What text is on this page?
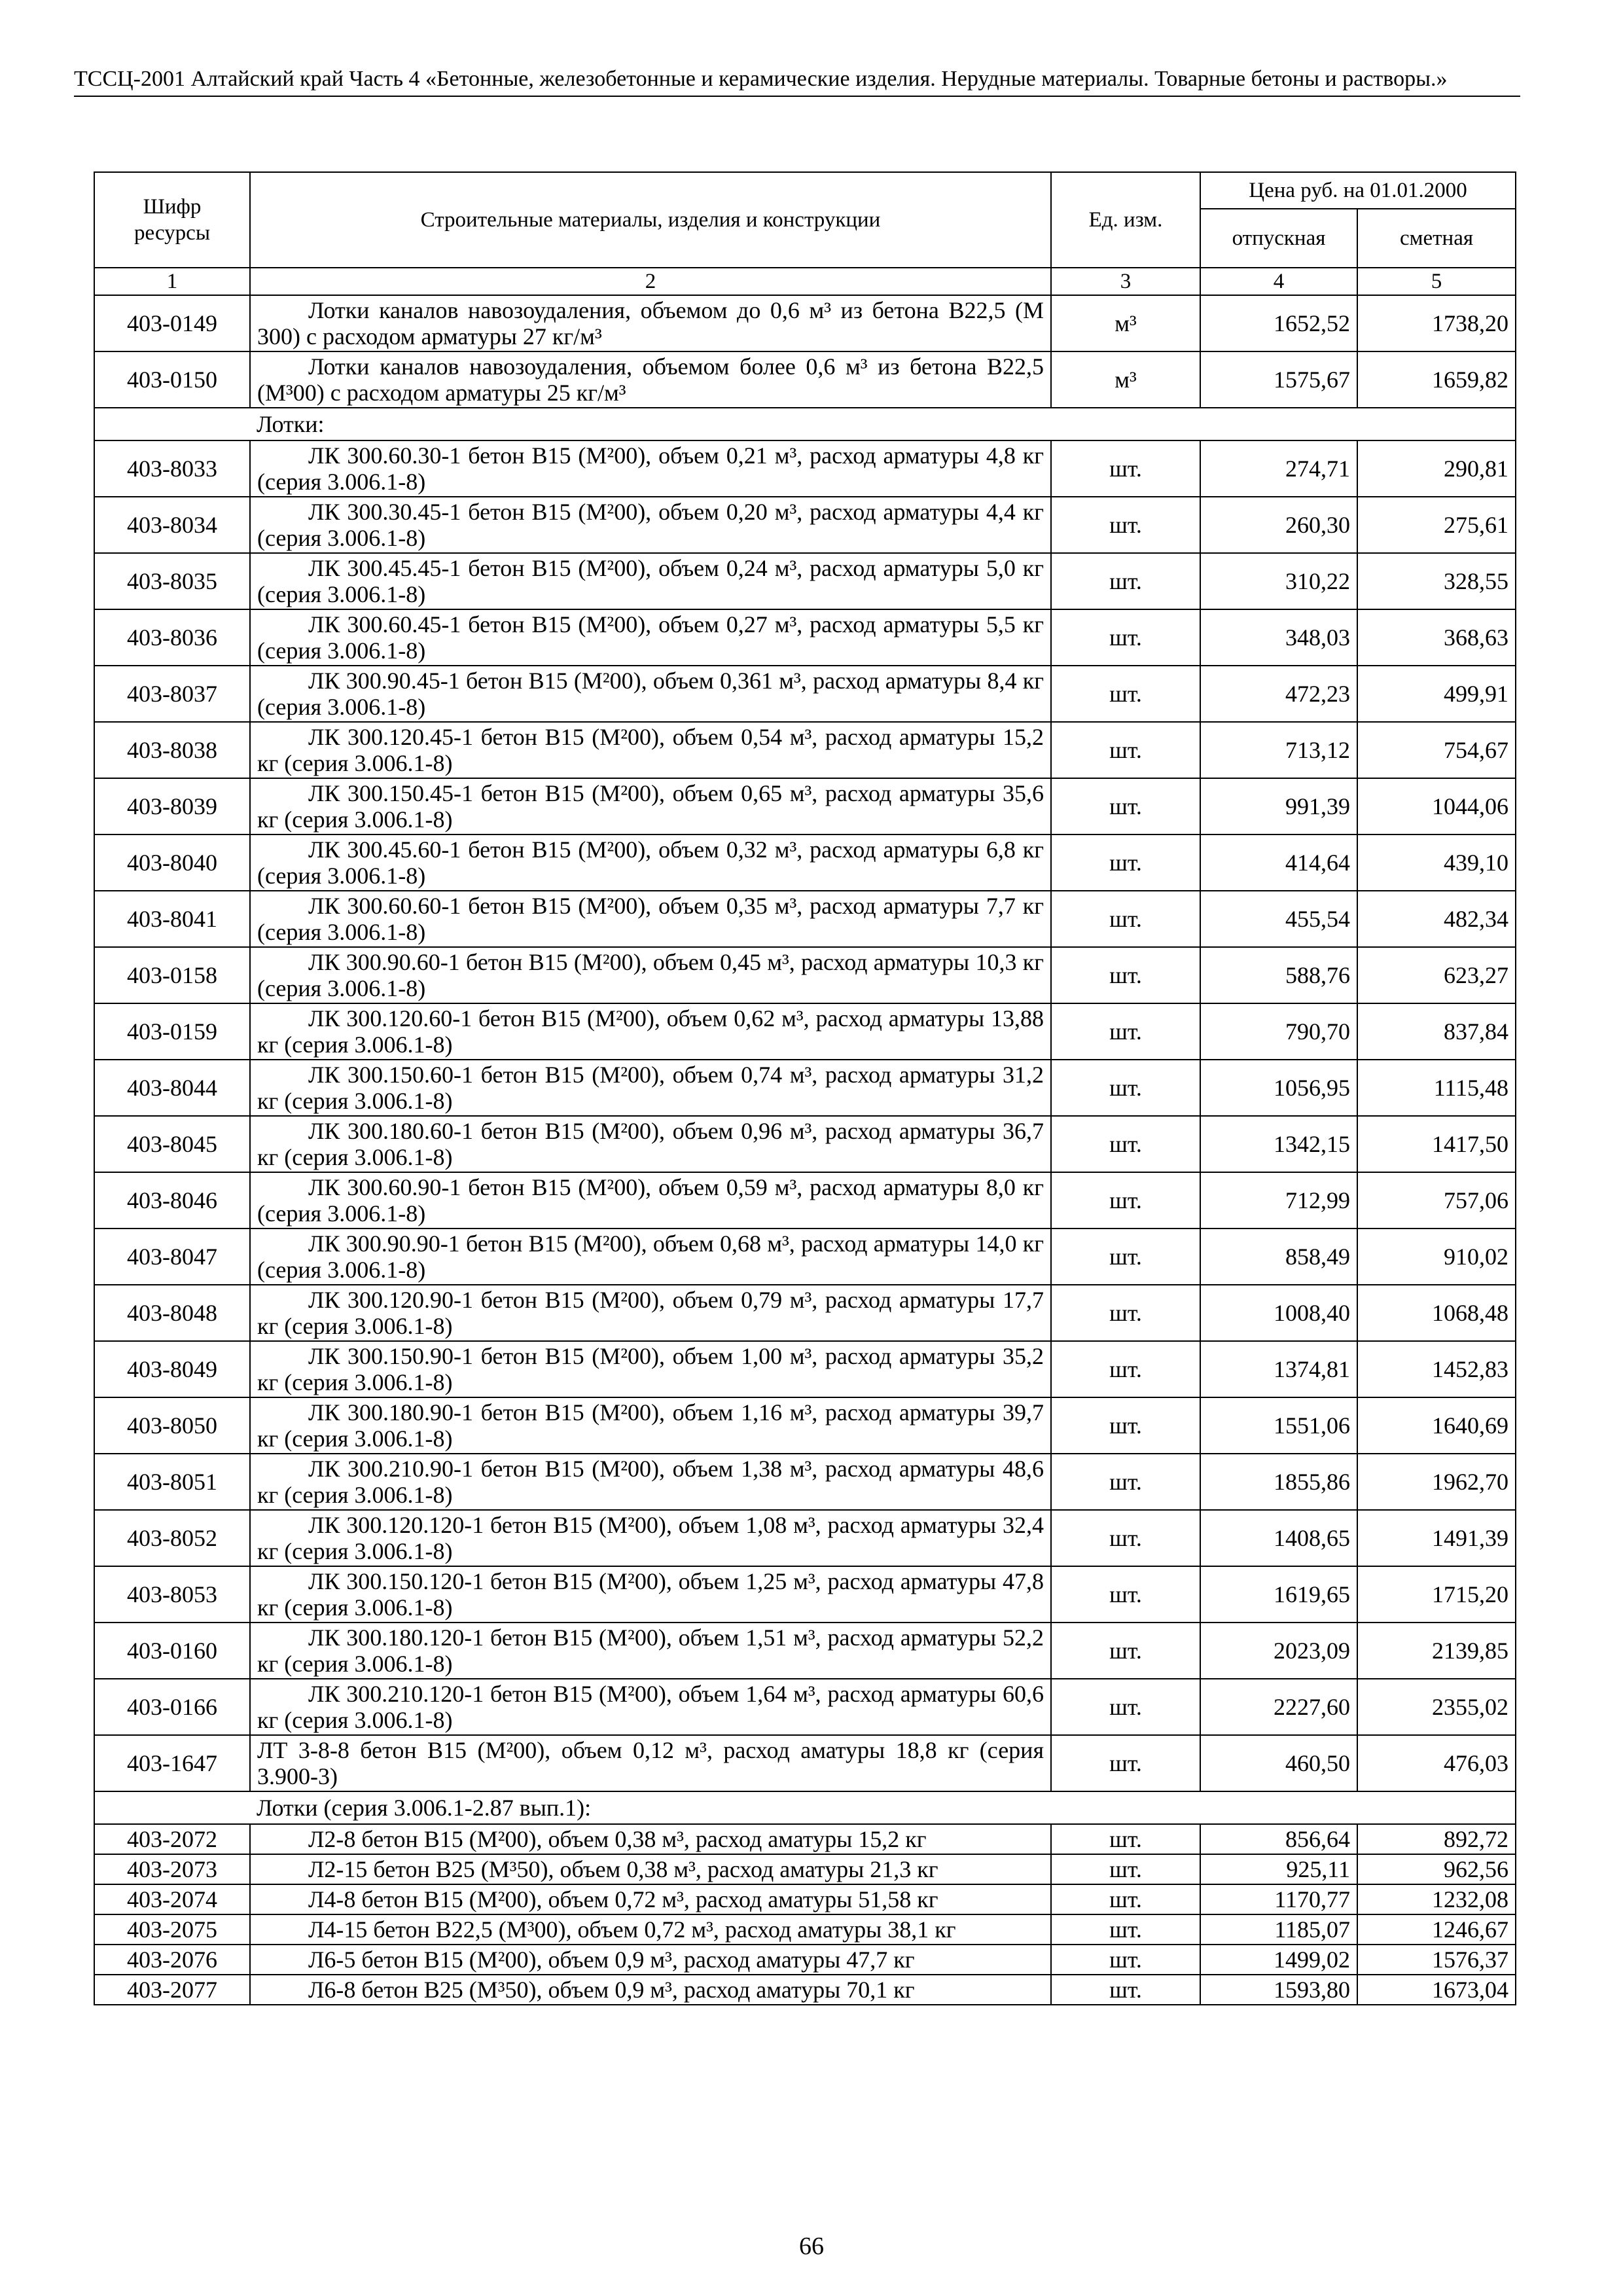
ТССЦ-2001 Алтайский край Часть 4 «Бетонные, железобетонные и керамические изделия. Нерудные материалы. Товарные бетоны и растворы.»
Шифр ресурсы	Строительные материалы, изделия и конструкции	Ед. изм.	Цена руб. на 01.01.2000	
			отпускная	сметная
1	2	3	4	5
403-0149	Лотки каналов навозоудаления, объемом до 0,6 м³ из бетона В22,5 (М 300) с расходом арматуры 27 кг/м³	м³	1652,52	1738,20
403-0150	Лотки каналов навозоудаления, объемом более 0,6 м³ из бетона В22,5 (М³00) с расходом арматуры 25 кг/м³	м³	1575,67	1659,82
	Лотки:			
403-8033	ЛК 300.60.30-1 бетон В15 (М²00), объем 0,21 м³, расход арматуры 4,8 кг (серия 3.006.1-8)	шт.	274,71	290,81
403-8034	ЛК 300.30.45-1 бетон В15 (М²00), объем 0,20 м³, расход арматуры 4,4 кг (серия 3.006.1-8)	шт.	260,30	275,61
403-8035	ЛК 300.45.45-1 бетон В15 (М²00), объем 0,24 м³, расход арматуры 5,0 кг (серия 3.006.1-8)	шт.	310,22	328,55
403-8036	ЛК 300.60.45-1 бетон В15 (М²00), объем 0,27 м³, расход арматуры 5,5 кг (серия 3.006.1-8)	шт.	348,03	368,63
403-8037	ЛК 300.90.45-1 бетон В15 (М²00), объем 0,361 м³, расход арматуры 8,4 кг (серия 3.006.1-8)	шт.	472,23	499,91
403-8038	ЛК 300.120.45-1 бетон В15 (М²00), объем 0,54 м³, расход арматуры 15,2 кг (серия 3.006.1-8)	шт.	713,12	754,67
403-8039	ЛК 300.150.45-1 бетон В15 (М²00), объем 0,65 м³, расход арматуры 35,6 кг (серия 3.006.1-8)	шт.	991,39	1044,06
403-8040	ЛК 300.45.60-1 бетон В15 (М²00), объем 0,32 м³, расход арматуры 6,8 кг (серия 3.006.1-8)	шт.	414,64	439,10
403-8041	ЛК 300.60.60-1 бетон В15 (М²00), объем 0,35 м³, расход арматуры 7,7 кг (серия 3.006.1-8)	шт.	455,54	482,34
403-0158	ЛК 300.90.60-1 бетон В15 (М²00), объем 0,45 м³, расход арматуры 10,3 кг (серия 3.006.1-8)	шт.	588,76	623,27
403-0159	ЛК 300.120.60-1 бетон В15 (М²00), объем 0,62 м³, расход арматуры 13,88 кг (серия 3.006.1-8)	шт.	790,70	837,84
403-8044	ЛК 300.150.60-1 бетон В15 (М²00), объем 0,74 м³, расход арматуры 31,2 кг (серия 3.006.1-8)	шт.	1056,95	1115,48
403-8045	ЛК 300.180.60-1 бетон В15 (М²00), объем 0,96 м³, расход арматуры 36,7 кг (серия 3.006.1-8)	шт.	1342,15	1417,50
403-8046	ЛК 300.60.90-1 бетон В15 (М²00), объем 0,59 м³, расход арматуры 8,0 кг (серия 3.006.1-8)	шт.	712,99	757,06
403-8047	ЛК 300.90.90-1 бетон В15 (М²00), объем 0,68 м³, расход арматуры 14,0 кг (серия 3.006.1-8)	шт.	858,49	910,02
403-8048	ЛК 300.120.90-1 бетон В15 (М²00), объем 0,79 м³, расход арматуры 17,7 кг (серия 3.006.1-8)	шт.	1008,40	1068,48
403-8049	ЛК 300.150.90-1 бетон В15 (М²00), объем 1,00 м³, расход арматуры 35,2 кг (серия 3.006.1-8)	шт.	1374,81	1452,83
403-8050	ЛК 300.180.90-1 бетон В15 (М²00), объем 1,16 м³, расход арматуры 39,7 кг (серия 3.006.1-8)	шт.	1551,06	1640,69
403-8051	ЛК 300.210.90-1 бетон В15 (М²00), объем 1,38 м³, расход арматуры 48,6 кг (серия 3.006.1-8)	шт.	1855,86	1962,70
403-8052	ЛК 300.120.120-1 бетон В15 (М²00), объем 1,08 м³, расход арматуры 32,4 кг (серия 3.006.1-8)	шт.	1408,65	1491,39
403-8053	ЛК 300.150.120-1 бетон В15 (М²00), объем 1,25 м³, расход арматуры 47,8 кг (серия 3.006.1-8)	шт.	1619,65	1715,20
403-0160	ЛК 300.180.120-1 бетон В15 (М²00), объем 1,51 м³, расход арматуры 52,2 кг (серия 3.006.1-8)	шт.	2023,09	2139,85
403-0166	ЛК 300.210.120-1 бетон В15 (М²00), объем 1,64 м³, расход арматуры 60,6 кг (серия 3.006.1-8)	шт.	2227,60	2355,02
403-1647	ЛТ 3-8-8 бетон В15 (М²00), объем 0,12 м³, расход аматуры 18,8 кг (серия 3.900-3)	шт.	460,50	476,03
	Лотки (серия 3.006.1-2.87 вып.1):			
403-2072	Л2-8 бетон В15 (М²00), объем 0,38 м³, расход аматуры 15,2 кг	шт.	856,64	892,72
403-2073	Л2-15 бетон В25 (М³50), объем 0,38 м³, расход аматуры 21,3 кг	шт.	925,11	962,56
403-2074	Л4-8 бетон В15 (М²00), объем 0,72 м³, расход аматуры 51,58 кг	шт.	1170,77	1232,08
403-2075	Л4-15 бетон В22,5 (М³00), объем 0,72 м³, расход аматуры 38,1 кг	шт.	1185,07	1246,67
403-2076	Л6-5 бетон В15 (М²00), объем 0,9 м³, расход аматуры 47,7 кг	шт.	1499,02	1576,37
403-2077	Л6-8 бетон В25 (М³50), объем 0,9 м³, расход аматуры 70,1 кг	шт.	1593,80	1673,04
66
